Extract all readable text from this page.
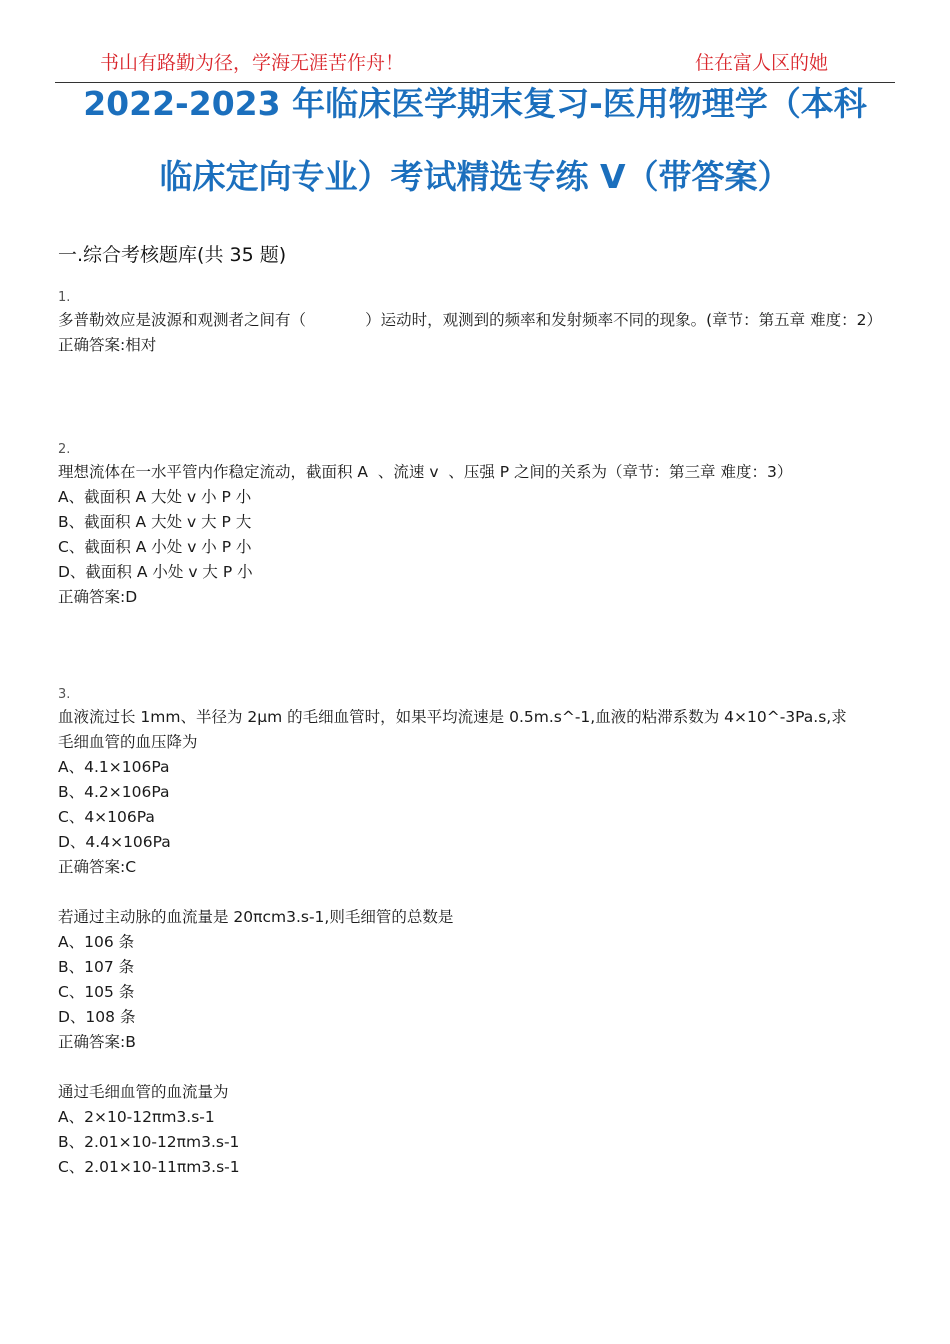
书山有路勤为径，学海无涯苦作舟！	住在富人区的她
2022-2023 年临床医学期末复习-医用物理学（本科
临床定向专业）考试精选专练 V（带答案）
一.综合考核题库(共 35 题)
1.
多普勒效应是波源和观测者之间有（            ）运动时，观测到的频率和发射频率不同的现象。(章节：第五章 难度：2）
正确答案:相对
2.
理想流体在一水平管内作稳定流动，截面积 A  、流速 v  、压强 P 之间的关系为（章节：第三章 难度：3）
A、截面积 A 大处 v 小 P 小
B、截面积 A 大处 v 大 P 大
C、截面积 A 小处 v 小 P 小
D、截面积 A 小处 v 大 P 小
正确答案:D
3.
血液流过长 1mm、半径为 2μm 的毛细血管时，如果平均流速是 0.5m.s^-1,血液的粘滞系数为 4×10^-3Pa.s,求
毛细血管的血压降为
A、4.1×106Pa
B、4.2×106Pa
C、4×106Pa
D、4.4×106Pa
正确答案:C
若通过主动脉的血流量是 20πcm3.s-1,则毛细管的总数是
A、106 条
B、107 条
C、105 条
D、108 条
正确答案:B
通过毛细血管的血流量为
A、2×10-12πm3.s-1
B、2.01×10-12πm3.s-1
C、2.01×10-11πm3.s-1
